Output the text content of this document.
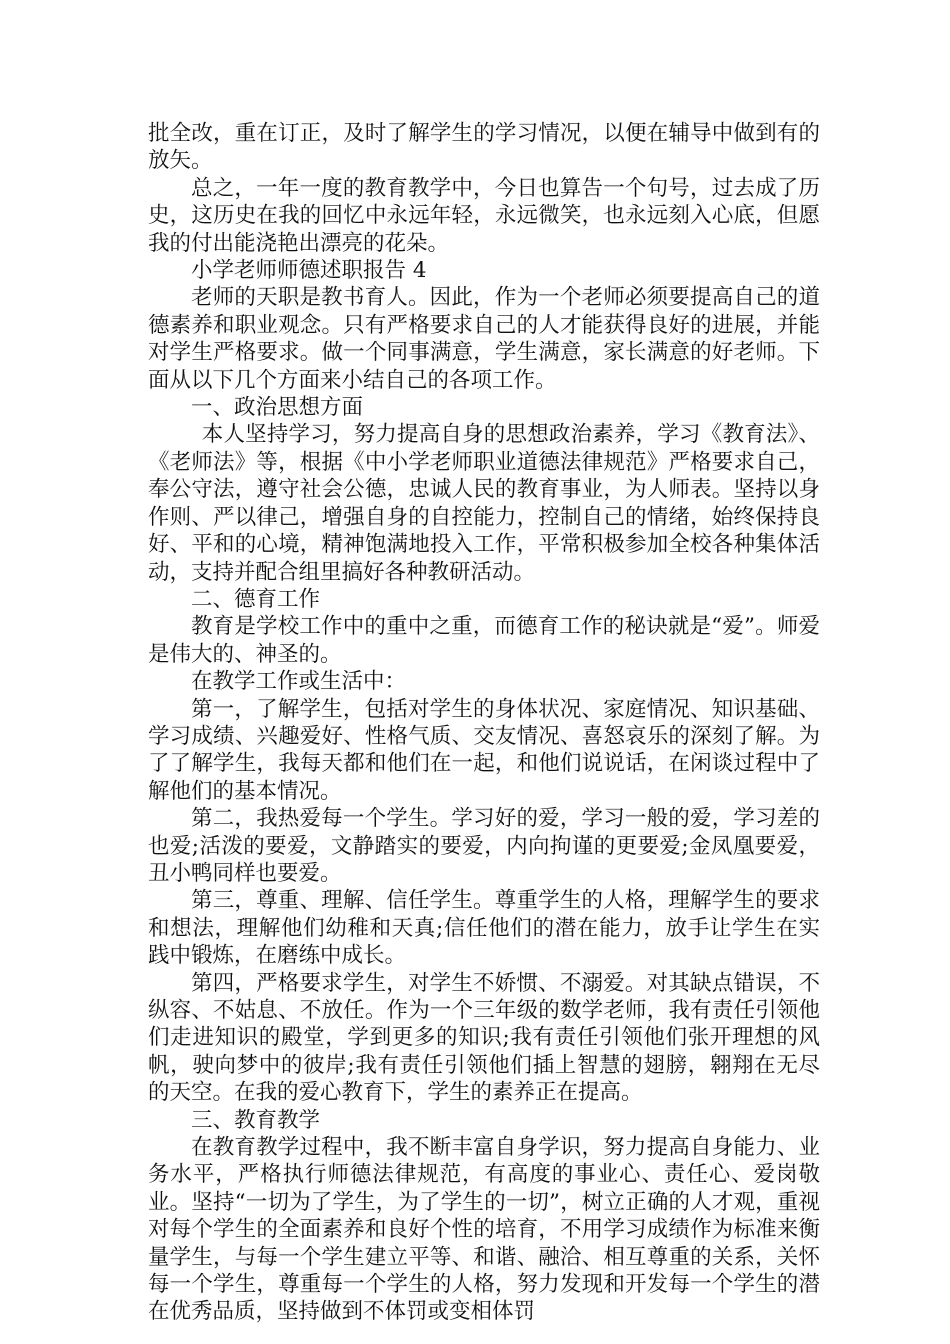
批全改，重在订正，及时了解学生的学习情况，以便在辅导中做到有的放矢。

总之，一年一度的教育教学中，今日也算告一个句号，过去成了历史，这历史在我的回忆中永远年轻，永远微笑，也永远刻入心底，但愿我的付出能浇艳出漂亮的花朵。

小学老师师德述职报告 4

老师的天职是教书育人。因此，作为一个老师必须要提高自己的道德素养和职业观念。只有严格要求自己的人才能获得良好的进展，并能对学生严格要求。做一个同事满意，学生满意，家长满意的好老师。下面从以下几个方面来小结自己的各项工作。

一、政治思想方面

本人坚持学习，努力提高自身的思想政治素养，学习《教育法》、《老师法》等，根据《中小学老师职业道德法律规范》严格要求自己，奉公守法，遵守社会公德，忠诚人民的教育事业，为人师表。坚持以身作则、严以律己，增强自身的自控能力，控制自己的情绪，始终保持良好、平和的心境，精神饱满地投入工作，平常积极参加全校各种集体活动，支持并配合组里搞好各种教研活动。

二、德育工作

教育是学校工作中的重中之重，而德育工作的秘诀就是“爱”。师爱是伟大的、神圣的。

在教学工作或生活中：

第一，了解学生，包括对学生的身体状况、家庭情况、知识基础、学习成绩、兴趣爱好、性格气质、交友情况、喜怒哀乐的深刻了解。为了了解学生，我每天都和他们在一起，和他们说说话，在闲谈过程中了解他们的基本情况。

第二，我热爱每一个学生。学习好的爱，学习一般的爱，学习差的也爱;活泼的要爱，文静踏实的要爱，内向拘谨的更要爱;金凤凰要爱，丑小鸭同样也要爱。

第三，尊重、理解、信任学生。尊重学生的人格，理解学生的要求和想法，理解他们幼稚和天真;信任他们的潜在能力，放手让学生在实践中锻炼，在磨练中成长。

第四，严格要求学生，对学生不娇惯、不溺爱。对其缺点错误，不纵容、不姑息、不放任。作为一个三年级的数学老师，我有责任引领他们走进知识的殿堂，学到更多的知识;我有责任引领他们张开理想的风帆，驶向梦中的彼岸;我有责任引领他们插上智慧的翅膀，翱翔在无尽的天空。在我的爱心教育下，学生的素养正在提高。

三、教育教学

在教育教学过程中，我不断丰富自身学识，努力提高自身能力、业务水平，严格执行师德法律规范，有高度的事业心、责任心、爱岗敬业。坚持“一切为了学生，为了学生的一切”，树立正确的人才观，重视对每个学生的全面素养和良好个性的培育，不用学习成绩作为标准来衡量学生，与每一个学生建立平等、和谐、融洽、相互尊重的关系，关怀每一个学生，尊重每一个学生的人格，努力发现和开发每一个学生的潜在优秀品质，坚持做到不体罚或变相体罚
